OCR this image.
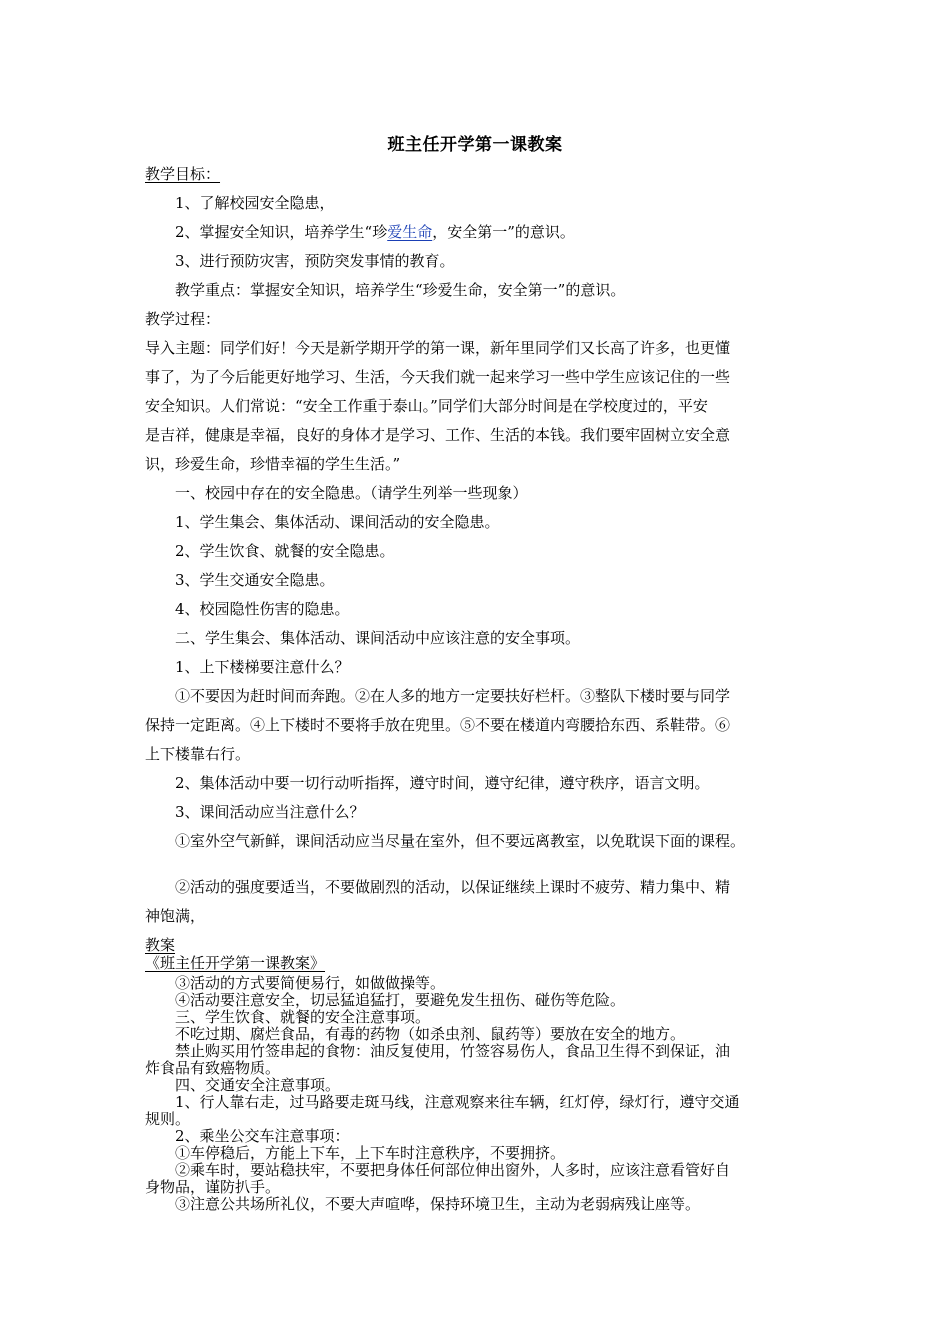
班主任开学第一课教案

教学目标：

1、了解校园安全隐患，

2、掌握安全知识，培养学生“珍爱生命，安全第一”的意识。

3、进行预防灾害，预防突发事情的教育。

教学重点：掌握安全知识，培养学生“珍爱生命，安全第一”的意识。

教学过程：

导入主题：同学们好！今天是新学期开学的第一课，新年里同学们又长高了许多，也更懂

事了，为了今后能更好地学习、生活，今天我们就一起来学习一些中学生应该记住的一些

安全知识。人们常说：“安全工作重于泰山。”同学们大部分时间是在学校度过的，平安

是吉祥，健康是幸福，良好的身体才是学习、工作、生活的本钱。我们要牢固树立安全意

识，珍爱生命，珍惜幸福的学生生活。”

一、校园中存在的安全隐患。（请学生列举一些现象）

1、学生集会、集体活动、课间活动的安全隐患。

2、学生饮食、就餐的安全隐患。

3、学生交通安全隐患。

4、校园隐性伤害的隐患。

二、学生集会、集体活动、课间活动中应该注意的安全事项。

1、上下楼梯要注意什么？

①不要因为赶时间而奔跑。②在人多的地方一定要扶好栏杆。③整队下楼时要与同学

保持一定距离。④上下楼时不要将手放在兜里。⑤不要在楼道内弯腰拾东西、系鞋带。⑥

上下楼靠右行。

2、集体活动中要一切行动听指挥，遵守时间，遵守纪律，遵守秩序，语言文明。

3、课间活动应当注意什么？

①室外空气新鲜，课间活动应当尽量在室外，但不要远离教室，以免耽误下面的课程。

②活动的强度要适当，不要做剧烈的活动，以保证继续上课时不疲劳、精力集中、精

神饱满，

教案

《班主任开学第一课教案》

③活动的方式要简便易行，如做做操等。

④活动要注意安全，切忌猛追猛打，要避免发生扭伤、碰伤等危险。

三、学生饮食、就餐的安全注意事项。

不吃过期、腐烂食品，有毒的药物（如杀虫剂、鼠药等）要放在安全的地方。

禁止购买用竹签串起的食物：油反复使用，竹签容易伤人，食品卫生得不到保证，油

炸食品有致癌物质。

四、交通安全注意事项。

1、行人靠右走，过马路要走斑马线，注意观察来往车辆，红灯停，绿灯行，遵守交通

规则。

2、乘坐公交车注意事项：

①车停稳后，方能上下车，上下车时注意秩序，不要拥挤。

②乘车时，要站稳扶牢，不要把身体任何部位伸出窗外，人多时，应该注意看管好自

身物品，谨防扒手。

③注意公共场所礼仪，不要大声喧哗，保持环境卫生，主动为老弱病残让座等。
